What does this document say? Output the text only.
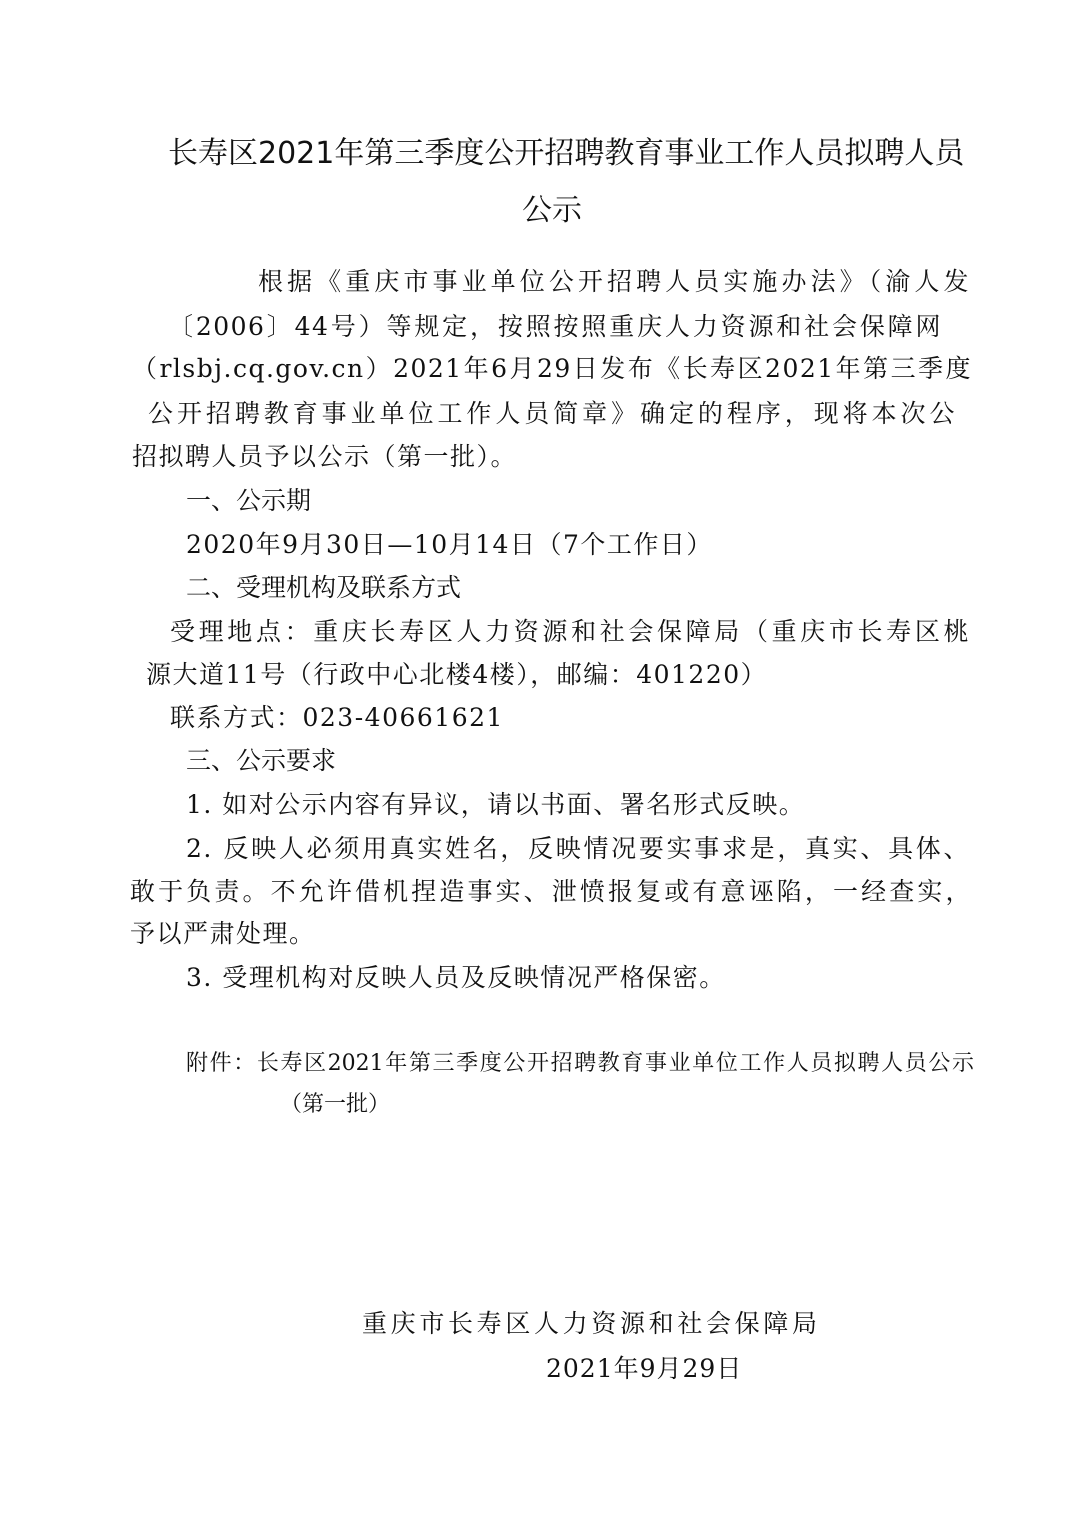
长寿区2021年第三季度公开招聘教育事业工作人员拟聘人员
公示
根据《重庆市事业单位公开招聘人员实施办法》（渝人发
〔2006〕44号）等规定，按照按照重庆人力资源和社会保障网
（rlsbj.cq.gov.cn）2021年6月29日发布《长寿区2021年第三季度
公开招聘教育事业单位工作人员简章》确定的程序，现将本次公
招拟聘人员予以公示（第一批）。
一、公示期
2020年9月30日—10月14日（7个工作日）
二、受理机构及联系方式
受理地点：重庆长寿区人力资源和社会保障局（重庆市长寿区桃
源大道11号（行政中心北楼4楼），邮编：401220）
联系方式：023-40661621
三、公示要求
1. 如对公示内容有异议，请以书面、署名形式反映。
2. 反映人必须用真实姓名，反映情况要实事求是，真实、具体、
敢于负责。不允许借机捏造事实、泄愤报复或有意诬陷，一经查实，
予以严肃处理。
3. 受理机构对反映人员及反映情况严格保密。
附件：长寿区2021年第三季度公开招聘教育事业单位工作人员拟聘人员公示
（第一批）
重庆市长寿区人力资源和社会保障局
2021年9月29日
